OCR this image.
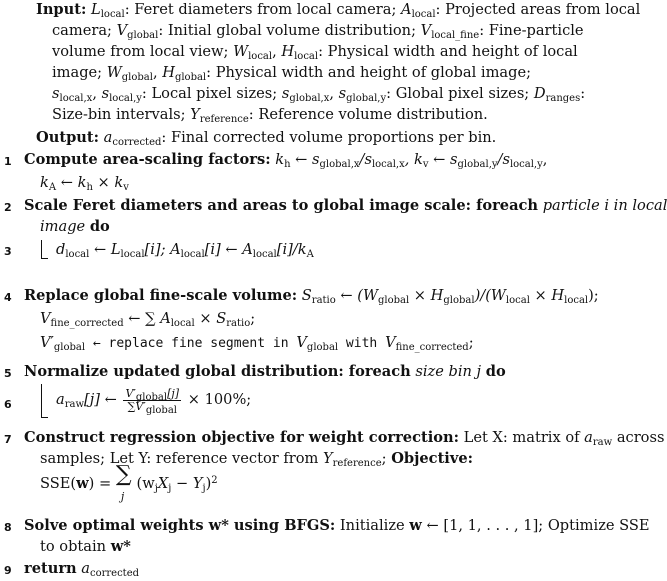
Input: $L_{local}$: Feret diameters from local camera; $A_{local}$: Projected areas from local
camera; $V_{global}$: Initial global volume distribution; $V_{local\_fine}$: Fine-particle
volume from local view; $W_{local}$, $H_{local}$: Physical width and height of local
image; $W_{global}$, $H_{global}$: Physical width and height of global image;
$s_{local,x}$, $s_{local,y}$: Local pixel sizes; $s_{global,x}$, $s_{global,y}$: Global pixel sizes; $D_{ranges}$:
Size-bin intervals; $Y_{reference}$: Reference volume distribution.
Output: $a_{corrected}$: Final corrected volume proportions per bin.
1 Compute area-scaling factors: $k_h$ ← $s_{global,x}/s_{local,x}$, $k_v$ ← $s_{global,y}/s_{local,y}$,
$k_A$ ← $k_h \times k_v$
2 Scale Feret diameters and areas to global image scale: foreach particle i in local
image do
3	$d_{local}$ ← $L_{local}[i]$; $A_{local}[i]$ ← $A_{local}[i]/k_A$
4 Replace global fine-scale volume: $S_{ratio}$ ← $(W_{global} \times H_{global})/(W_{local} \times H_{local})$;
$V_{fine\_corrected}$ ← ∑ $A_{local} \times S_{ratio}$;
$V'_{global}$ ← replace fine segment in $V_{global}$ with $V_{fine\_corrected}$;
5 Normalize updated global distribution: foreach size bin j do
6	$a_{raw}[j]$ ← $\frac{V'_{global}[j]}{\sum V'_{global}} \times 100\%$;
7 Construct regression objective for weight correction: Let X: matrix of $a_{raw}$ across
samples; Let Y: reference vector from $Y_{reference}$; Objective:
SSE(w) = ∑
j
$(w_jX_j - Y_j)^2$
8 Solve optimal weights w* using BFGS: Initialize w ← [1, 1, . . . , 1]; Optimize SSE
to obtain w*
9 return $a_{corrected}$
